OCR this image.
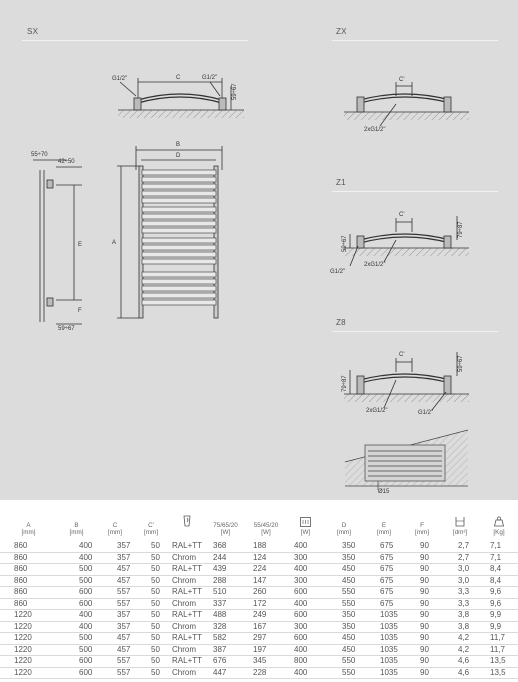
SX	ZX
Z1
Z8
G1/2"	C	G1/2"
59÷67
55÷70
42÷50
E
F
59÷67
B
D
A
C'
2xG1/2"
C'
79÷87
59÷67
2xG1/2"
G1/2"
C'
79÷87
59÷67
2xG1/2"	G1/2"
Ø15
A	B	C	C'		75/65/20	55/45/20		D	E	F		
[mm]	[mm]	[mm]	[mm]		[W]	[W]	[W]	[mm]	[mm]	[mm]	[dm³]	[Kg]
860	400	357	50	RAL+TT	368	188	400	350	675	90	2,7	7,1
860	400	357	50	Chrom	244	124	300	350	675	90	2,7	7,1
860	500	457	50	RAL+TT	439	224	400	450	675	90	3,0	8,4
860	500	457	50	Chrom	288	147	300	450	675	90	3,0	8,4
860	600	557	50	RAL+TT	510	260	600	550	675	90	3,3	9,6
860	600	557	50	Chrom	337	172	400	550	675	90	3,3	9,6
1220	400	357	50	RAL+TT	488	249	600	350	1035	90	3,8	9,9
1220	400	357	50	Chrom	328	167	300	350	1035	90	3,8	9,9
1220	500	457	50	RAL+TT	582	297	600	450	1035	90	4,2	11,7
1220	500	457	50	Chrom	387	197	400	450	1035	90	4,2	11,7
1220	600	557	50	RAL+TT	676	345	800	550	1035	90	4,6	13,5
1220	600	557	50	Chrom	447	228	400	550	1035	90	4,6	13,5
